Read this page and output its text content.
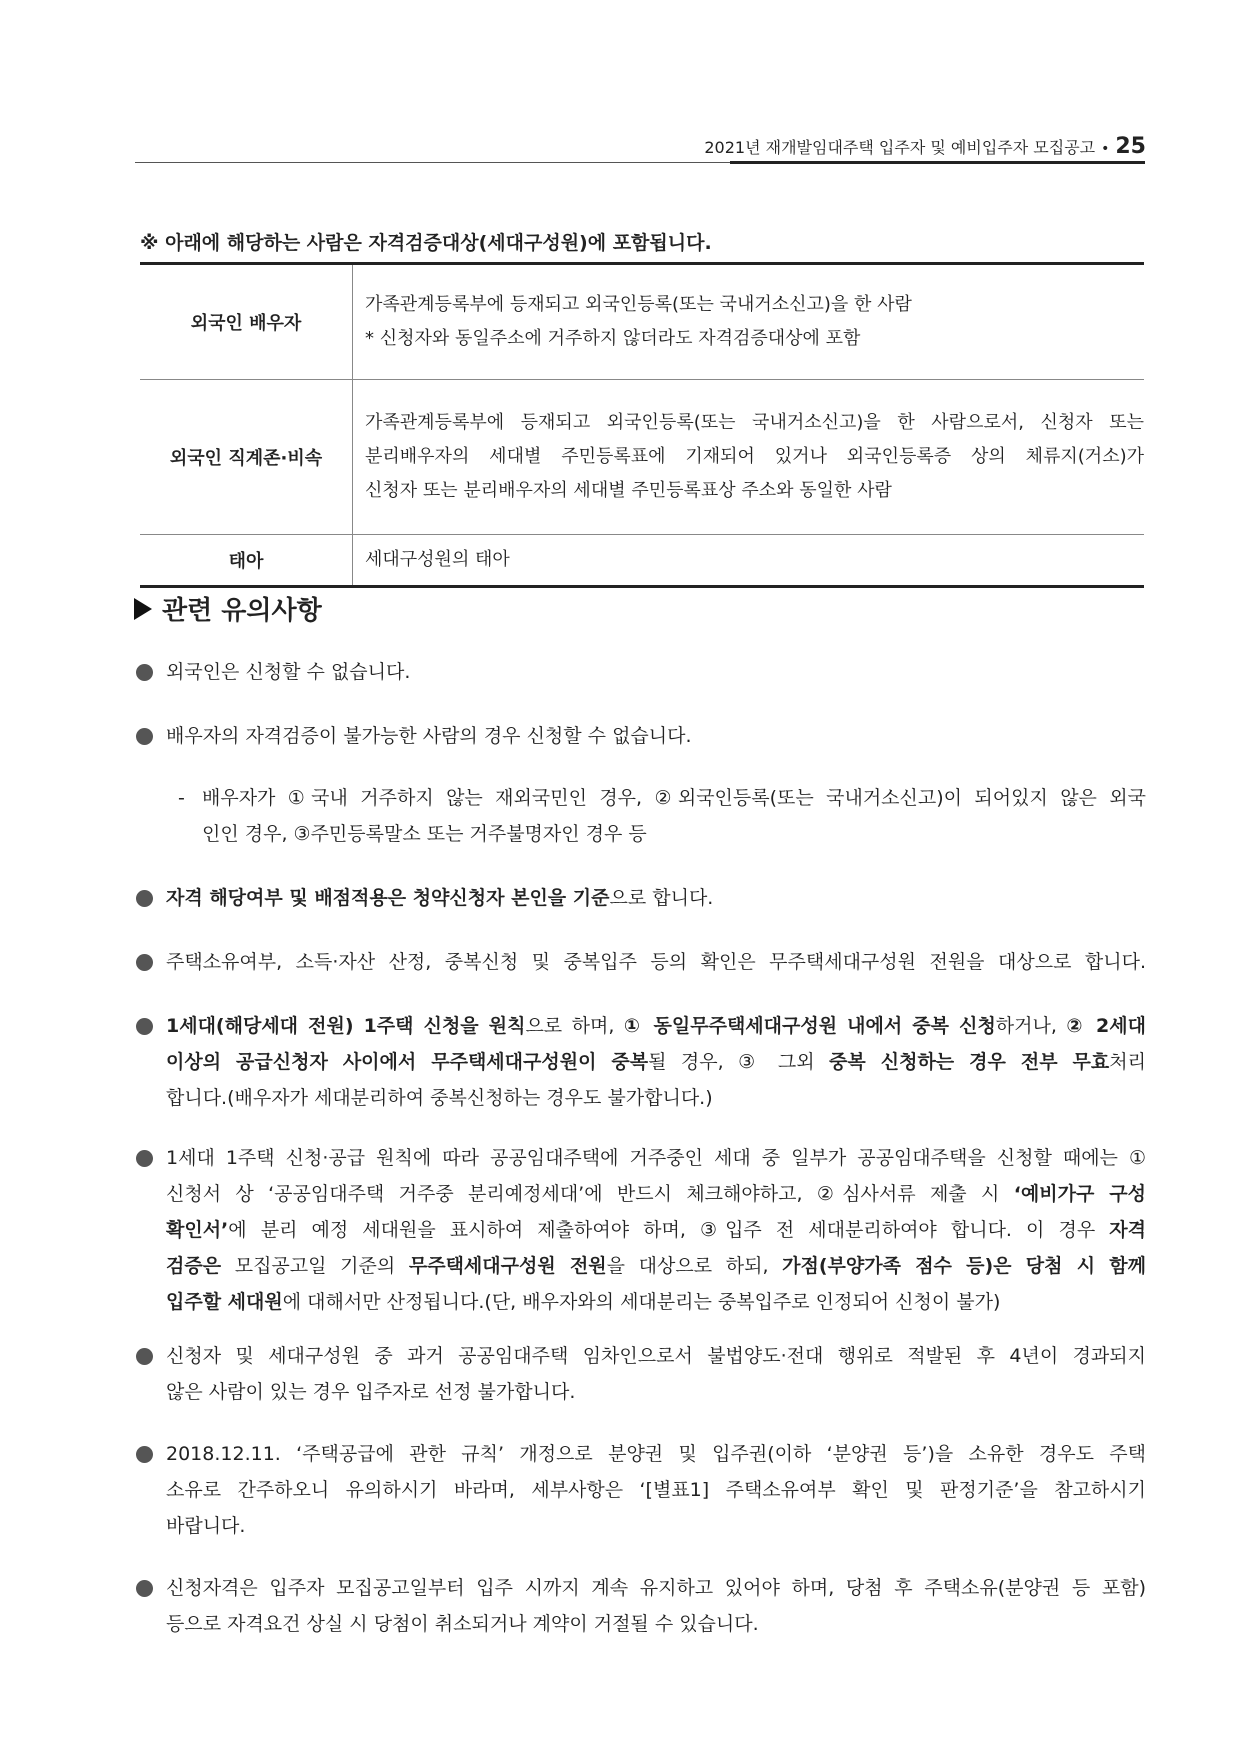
2021년 재개발임대주택 입주자 및 예비입주자 모집공고 • 25
※ 아래에 해당하는 사람은 자격검증대상(세대구성원)에 포함됩니다.
외국인 배우자	가족관계등록부에 등재되고 외국인등록(또는 국내거소신고)을 한 사람
* 신청자와 동일주소에 거주하지 않더라도 자격검증대상에 포함

외국인 직계존·비속	가족관계등록부에 등재되고 외국인등록(또는 국내거소신고)을 한 사람으로서, 신청자 또는
분리배우자의 세대별 주민등록표에 기재되어 있거나 외국인등록증 상의 체류지(거소)가
신청자 또는 분리배우자의 세대별 주민등록표상 주소와 동일한 사람

태아	세대구성원의 태아
관련 유의사항
외국인은 신청할 수 없습니다.
배우자의 자격검증이 불가능한 사람의 경우 신청할 수 없습니다.
- 배우자가 ①국내 거주하지 않는 재외국민인 경우, ②외국인등록(또는 국내거소신고)이 되어있지 않은 외국
인인 경우, ③주민등록말소 또는 거주불명자인 경우 등
자격 해당여부 및 배점적용은 청약신청자 본인을 기준으로 합니다.
주택소유여부, 소득·자산 산정, 중복신청 및 중복입주 등의 확인은 무주택세대구성원 전원을 대상으로 합니다.
1세대(해당세대 전원) 1주택 신청을 원칙으로 하며, ① 동일무주택세대구성원 내에서 중복 신청하거나, ② 2세대
이상의 공급신청자 사이에서 무주택세대구성원이 중복될 경우, ③ 그외 중복 신청하는 경우 전부 무효처리
합니다.(배우자가 세대분리하여 중복신청하는 경우도 불가합니다.)
1세대 1주택 신청·공급 원칙에 따라 공공임대주택에 거주중인 세대 중 일부가 공공임대주택을 신청할 때에는 ①
신청서 상 ‘공공임대주택 거주중 분리예정세대’에 반드시 체크해야하고, ②심사서류 제출 시 ‘예비가구 구성
확인서’에 분리 예정 세대원을 표시하여 제출하여야 하며, ③입주 전 세대분리하여야 합니다. 이 경우 자격
검증은 모집공고일 기준의 무주택세대구성원 전원을 대상으로 하되, 가점(부양가족 점수 등)은 당첨 시 함께
입주할 세대원에 대해서만 산정됩니다.(단, 배우자와의 세대분리는 중복입주로 인정되어 신청이 불가)
신청자 및 세대구성원 중 과거 공공임대주택 임차인으로서 불법양도·전대 행위로 적발된 후 4년이 경과되지
않은 사람이 있는 경우 입주자로 선정 불가합니다.
2018.12.11. ‘주택공급에 관한 규칙’ 개정으로 분양권 및 입주권(이하 ‘분양권 등’)을 소유한 경우도 주택
소유로 간주하오니 유의하시기 바라며, 세부사항은 ‘[별표1] 주택소유여부 확인 및 판정기준’을 참고하시기
바랍니다.
신청자격은 입주자 모집공고일부터 입주 시까지 계속 유지하고 있어야 하며, 당첨 후 주택소유(분양권 등 포함)
등으로 자격요건 상실 시 당첨이 취소되거나 계약이 거절될 수 있습니다.
